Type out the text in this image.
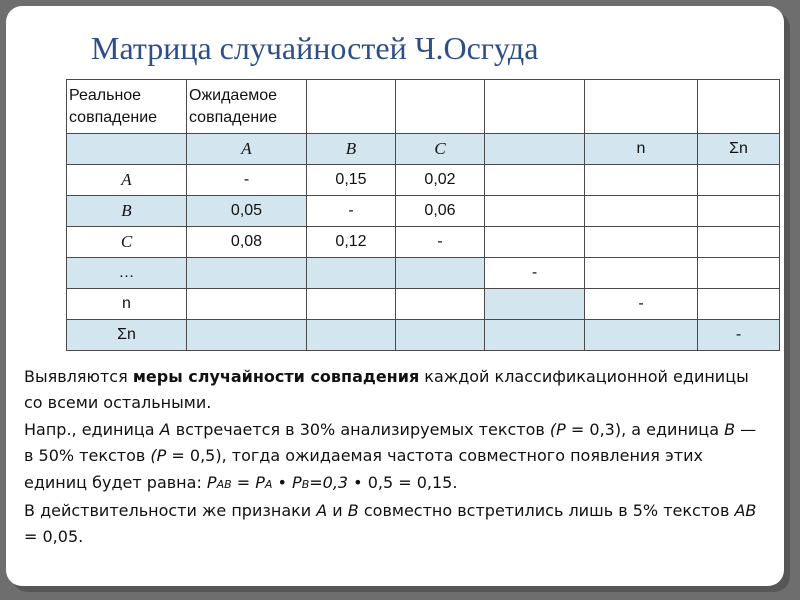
Матрица случайностей Ч.Осгуда
Реальное совпадение	Ожидаемое совпадение					
	A	B	C		n	Σn
A	-	0,15	0,02			
B	0,05	-	0,06			
C	0,08	0,12	-			
…				-		
n					-	
Σn						-

Выявляются меры случайности совпадения каждой классификационной единицы со всеми остальными.

Напр., единица A встречается в 30% анализируемых текстов (P = 0,3), а единица B — в 50% текстов (P = 0,5), тогда ожидаемая частота совместного появления этих единиц будет равна: PAB = PA • PB=0,3 • 0,5 = 0,15.

В действительности же признаки A и B совместно встретились лишь в 5% текстов AB = 0,05.
